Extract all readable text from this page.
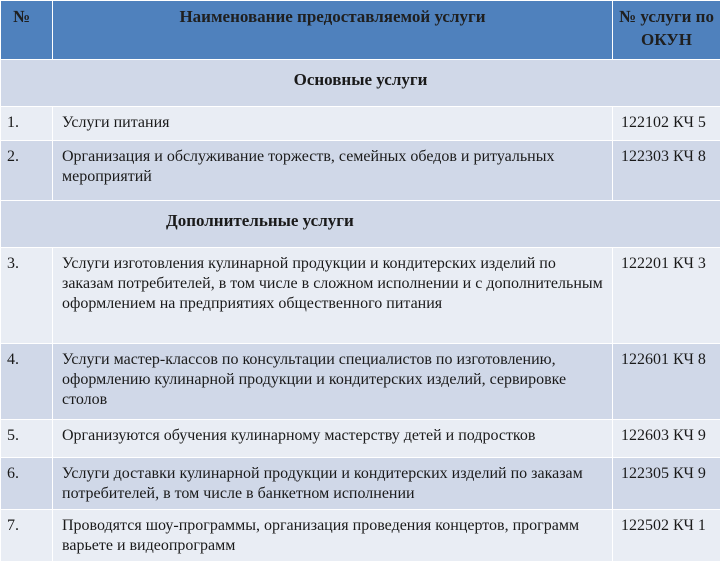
№	Наименование предоставляемой услуги	№ услуги по ОКУН
Основные услуги		
1.	Услуги питания	122102 КЧ 5
2.	Организация и обслуживание торжеств, семейных обедов и ритуальных мероприятий	122303 КЧ 8
Дополнительные услуги		
3.	Услуги изготовления кулинарной продукции и кондитерских изделий по заказам потребителей, в том числе в сложном исполнении и с дополнительным оформлением на предприятиях общественного питания	122201 КЧ 3
4.	Услуги мастер-классов по консультации специалистов по изготовлению, оформлению кулинарной продукции и кондитерских изделий, сервировке столов	122601 КЧ 8
5.	Организуются обучения кулинарному мастерству детей и подростков	122603 КЧ 9
6.	Услуги доставки кулинарной продукции и кондитерских изделий по заказам потребителей, в том числе в банкетном исполнении	122305 КЧ 9
7.	Проводятся шоу-программы, организация проведения концертов, программ варьете и видеопрограмм	122502 КЧ 1
